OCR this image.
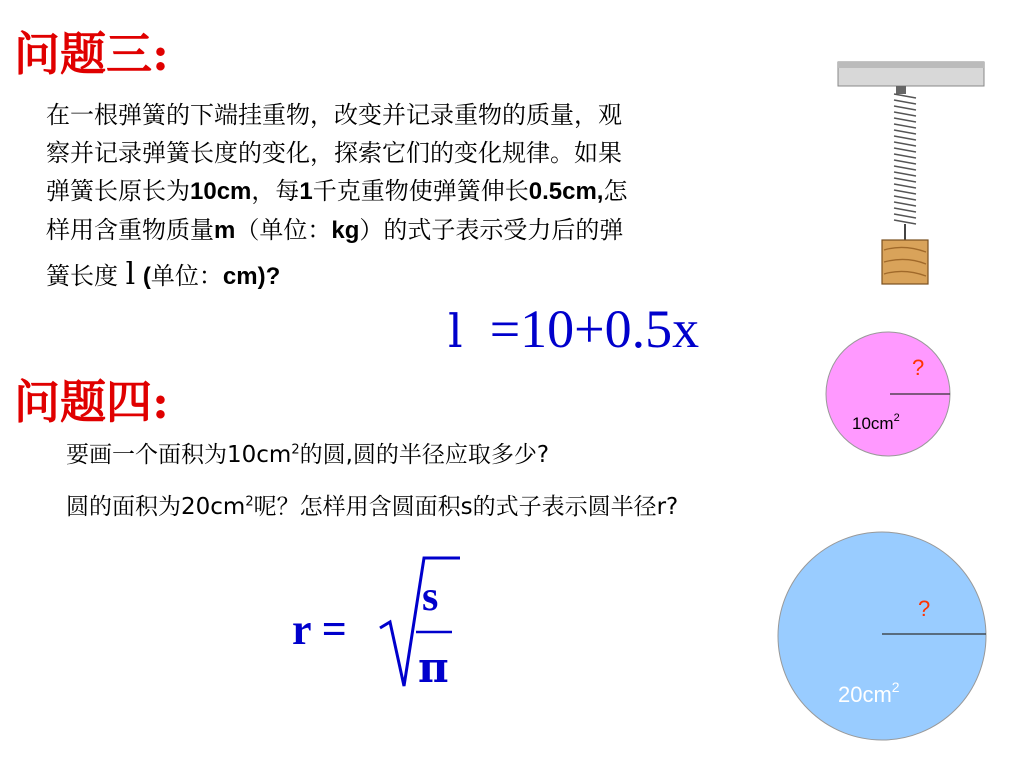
问题三:
在一根弹簧的下端挂重物，改变并记录重物的质量，观
察并记录弹簧长度的变化，探索它们的变化规律。如果
弹簧长原长为10cm，每1千克重物使弹簧伸长0.5cm,怎
样用含重物质量m（单位：kg）的式子表示受力后的弹
簧长度 l (单位：cm)?
l =10+0.5x
问题四:
要画一个面积为$10cm^2$的圆,圆的半径应取多少?
圆的面积为$20cm^2$呢？怎样用含圆面积s的式子表示圆半径r?
?
$10cm^2$
r =
s
π
?
$20cm^2$
